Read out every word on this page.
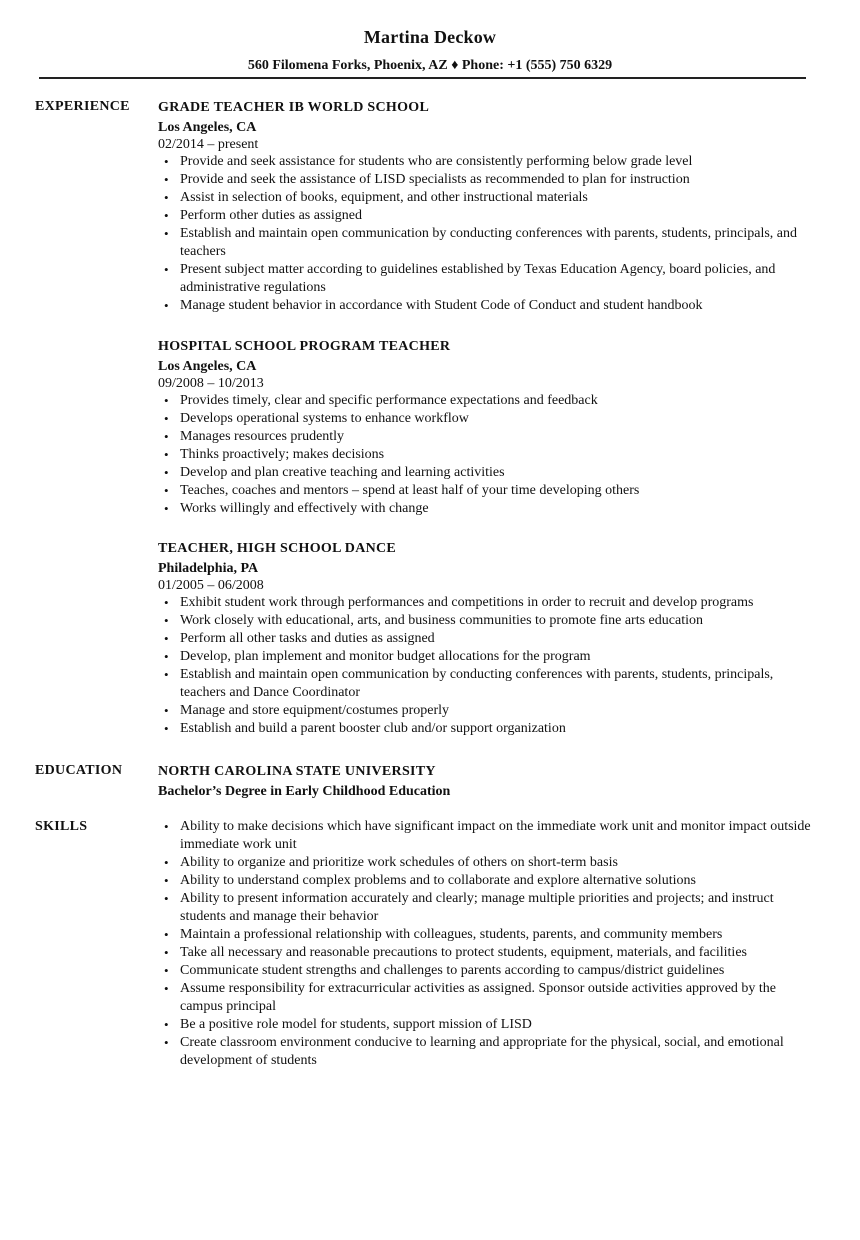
Martina Deckow
560 Filomena Forks, Phoenix, AZ ♦ Phone: +1 (555) 750 6329
EXPERIENCE GRADE TEACHER IB WORLD SCHOOL
Los Angeles, CA
02/2014 – present
• Provide and seek assistance for students who are consistently performing below grade level
• Provide and seek the assistance of LISD specialists as recommended to plan for instruction
• Assist in selection of books, equipment, and other instructional materials
• Perform other duties as assigned
• Establish and maintain open communication by conducting conferences with parents, students, principals, and teachers
• Present subject matter according to guidelines established by Texas Education Agency, board policies, and administrative regulations
• Manage student behavior in accordance with Student Code of Conduct and student handbook
HOSPITAL SCHOOL PROGRAM TEACHER
Los Angeles, CA
09/2008 – 10/2013
• Provides timely, clear and specific performance expectations and feedback
• Develops operational systems to enhance workflow
• Manages resources prudently
• Thinks proactively; makes decisions
• Develop and plan creative teaching and learning activities
• Teaches, coaches and mentors – spend at least half of your time developing others
• Works willingly and effectively with change
TEACHER, HIGH SCHOOL DANCE
Philadelphia, PA
01/2005 – 06/2008
• Exhibit student work through performances and competitions in order to recruit and develop programs
• Work closely with educational, arts, and business communities to promote fine arts education
• Perform all other tasks and duties as assigned
• Develop, plan implement and monitor budget allocations for the program
• Establish and maintain open communication by conducting conferences with parents, students, principals, teachers and Dance Coordinator
• Manage and store equipment/costumes properly
• Establish and build a parent booster club and/or support organization
EDUCATION	NORTH CAROLINA STATE UNIVERSITY
Bachelor’s Degree in Early Childhood Education
SKILLS
•	Ability to make decisions which have significant impact on the immediate work unit and monitor impact outside immediate work unit
• Ability to organize and prioritize work schedules of others on short-term basis
• Ability to understand complex problems and to collaborate and explore alternative solutions
• Ability to present information accurately and clearly; manage multiple priorities and projects; and instruct students and manage their behavior
• Maintain a professional relationship with colleagues, students, parents, and community members
• Take all necessary and reasonable precautions to protect students, equipment, materials, and facilities
• Communicate student strengths and challenges to parents according to campus/district guidelines
• Assume responsibility for extracurricular activities as assigned. Sponsor outside activities approved by the campus principal
• Be a positive role model for students, support mission of LISD
• Create classroom environment conducive to learning and appropriate for the physical, social, and emotional development of students
